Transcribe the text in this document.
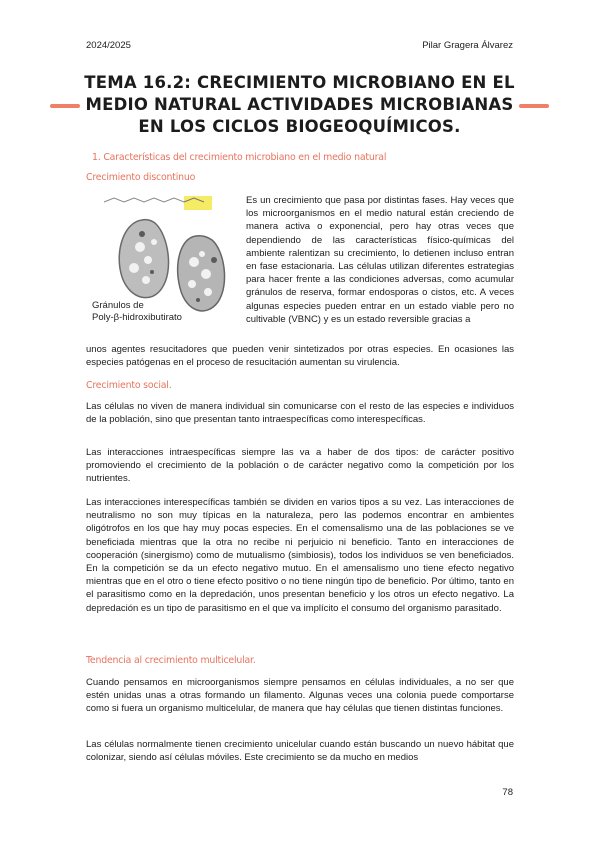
2024/2025	Pilar Gragera Álvarez
TEMA 16.2: CRECIMIENTO MICROBIANO EN EL
MEDIO NATURAL ACTIVIDADES MICROBIANAS
EN LOS CICLOS BIOGEOQUÍMICOS.
1. Características del crecimiento microbiano en el medio natural
Crecimiento discontinuo
Gránulos de
Poly-β-hidroxibutirato

Es un crecimiento que pasa por distintas fases. Hay veces que los microorganismos en el medio natural están creciendo de manera activa o exponencial, pero hay otras veces que dependiendo de las características físico-químicas del ambiente ralentizan su crecimiento, lo detienen incluso entran en fase estacionaria. Las células utilizan diferentes estrategias para hacer frente a las condiciones adversas, como acumular gránulos de reserva, formar endosporas o cistos, etc. A veces algunas especies pueden entrar en un estado viable pero no cultivable (VBNC) y es un estado reversible gracias a

unos agentes resucitadores que pueden venir sintetizados por otras especies. En ocasiones las especies patógenas en el proceso de resucitación aumentan su virulencia.

Crecimiento social.

Las células no viven de manera individual sin comunicarse con el resto de las especies e individuos de la población, sino que presentan tanto intraespecíficas como interespecíficas.

Las interacciones intraespecíficas siempre las va a haber de dos tipos: de carácter positivo promoviendo el crecimiento de la población o de carácter negativo como la competición por los nutrientes.

Las interacciones interespecíficas también se dividen en varios tipos a su vez. Las interacciones de neutralismo no son muy típicas en la naturaleza, pero las podemos encontrar en ambientes oligótrofos en los que hay muy pocas especies. En el comensalismo una de las poblaciones se ve beneficiada mientras que la otra no recibe ni perjuicio ni beneficio. Tanto en interacciones de cooperación (sinergismo) como de mutualismo (simbiosis), todos los individuos se ven beneficiados. En la competición se da un efecto negativo mutuo. En el amensalismo uno tiene efecto negativo mientras que en el otro o tiene efecto positivo o no tiene ningún tipo de beneficio. Por último, tanto en el parasitismo como en la depredación, unos presentan beneficio y los otros un efecto negativo. La depredación es un tipo de parasitismo en el que va implícito el consumo del organismo parasitado.

Tendencia al crecimiento multicelular.

Cuando pensamos en microorganismos siempre pensamos en células individuales, a no ser que estén unidas unas a otras formando un filamento. Algunas veces una colonia puede comportarse como si fuera un organismo multicelular, de manera que hay células que tienen distintas funciones.

Las células normalmente tienen crecimiento unicelular cuando están buscando un nuevo hábitat que colonizar, siendo así células móviles. Este crecimiento se da mucho en medios

78
